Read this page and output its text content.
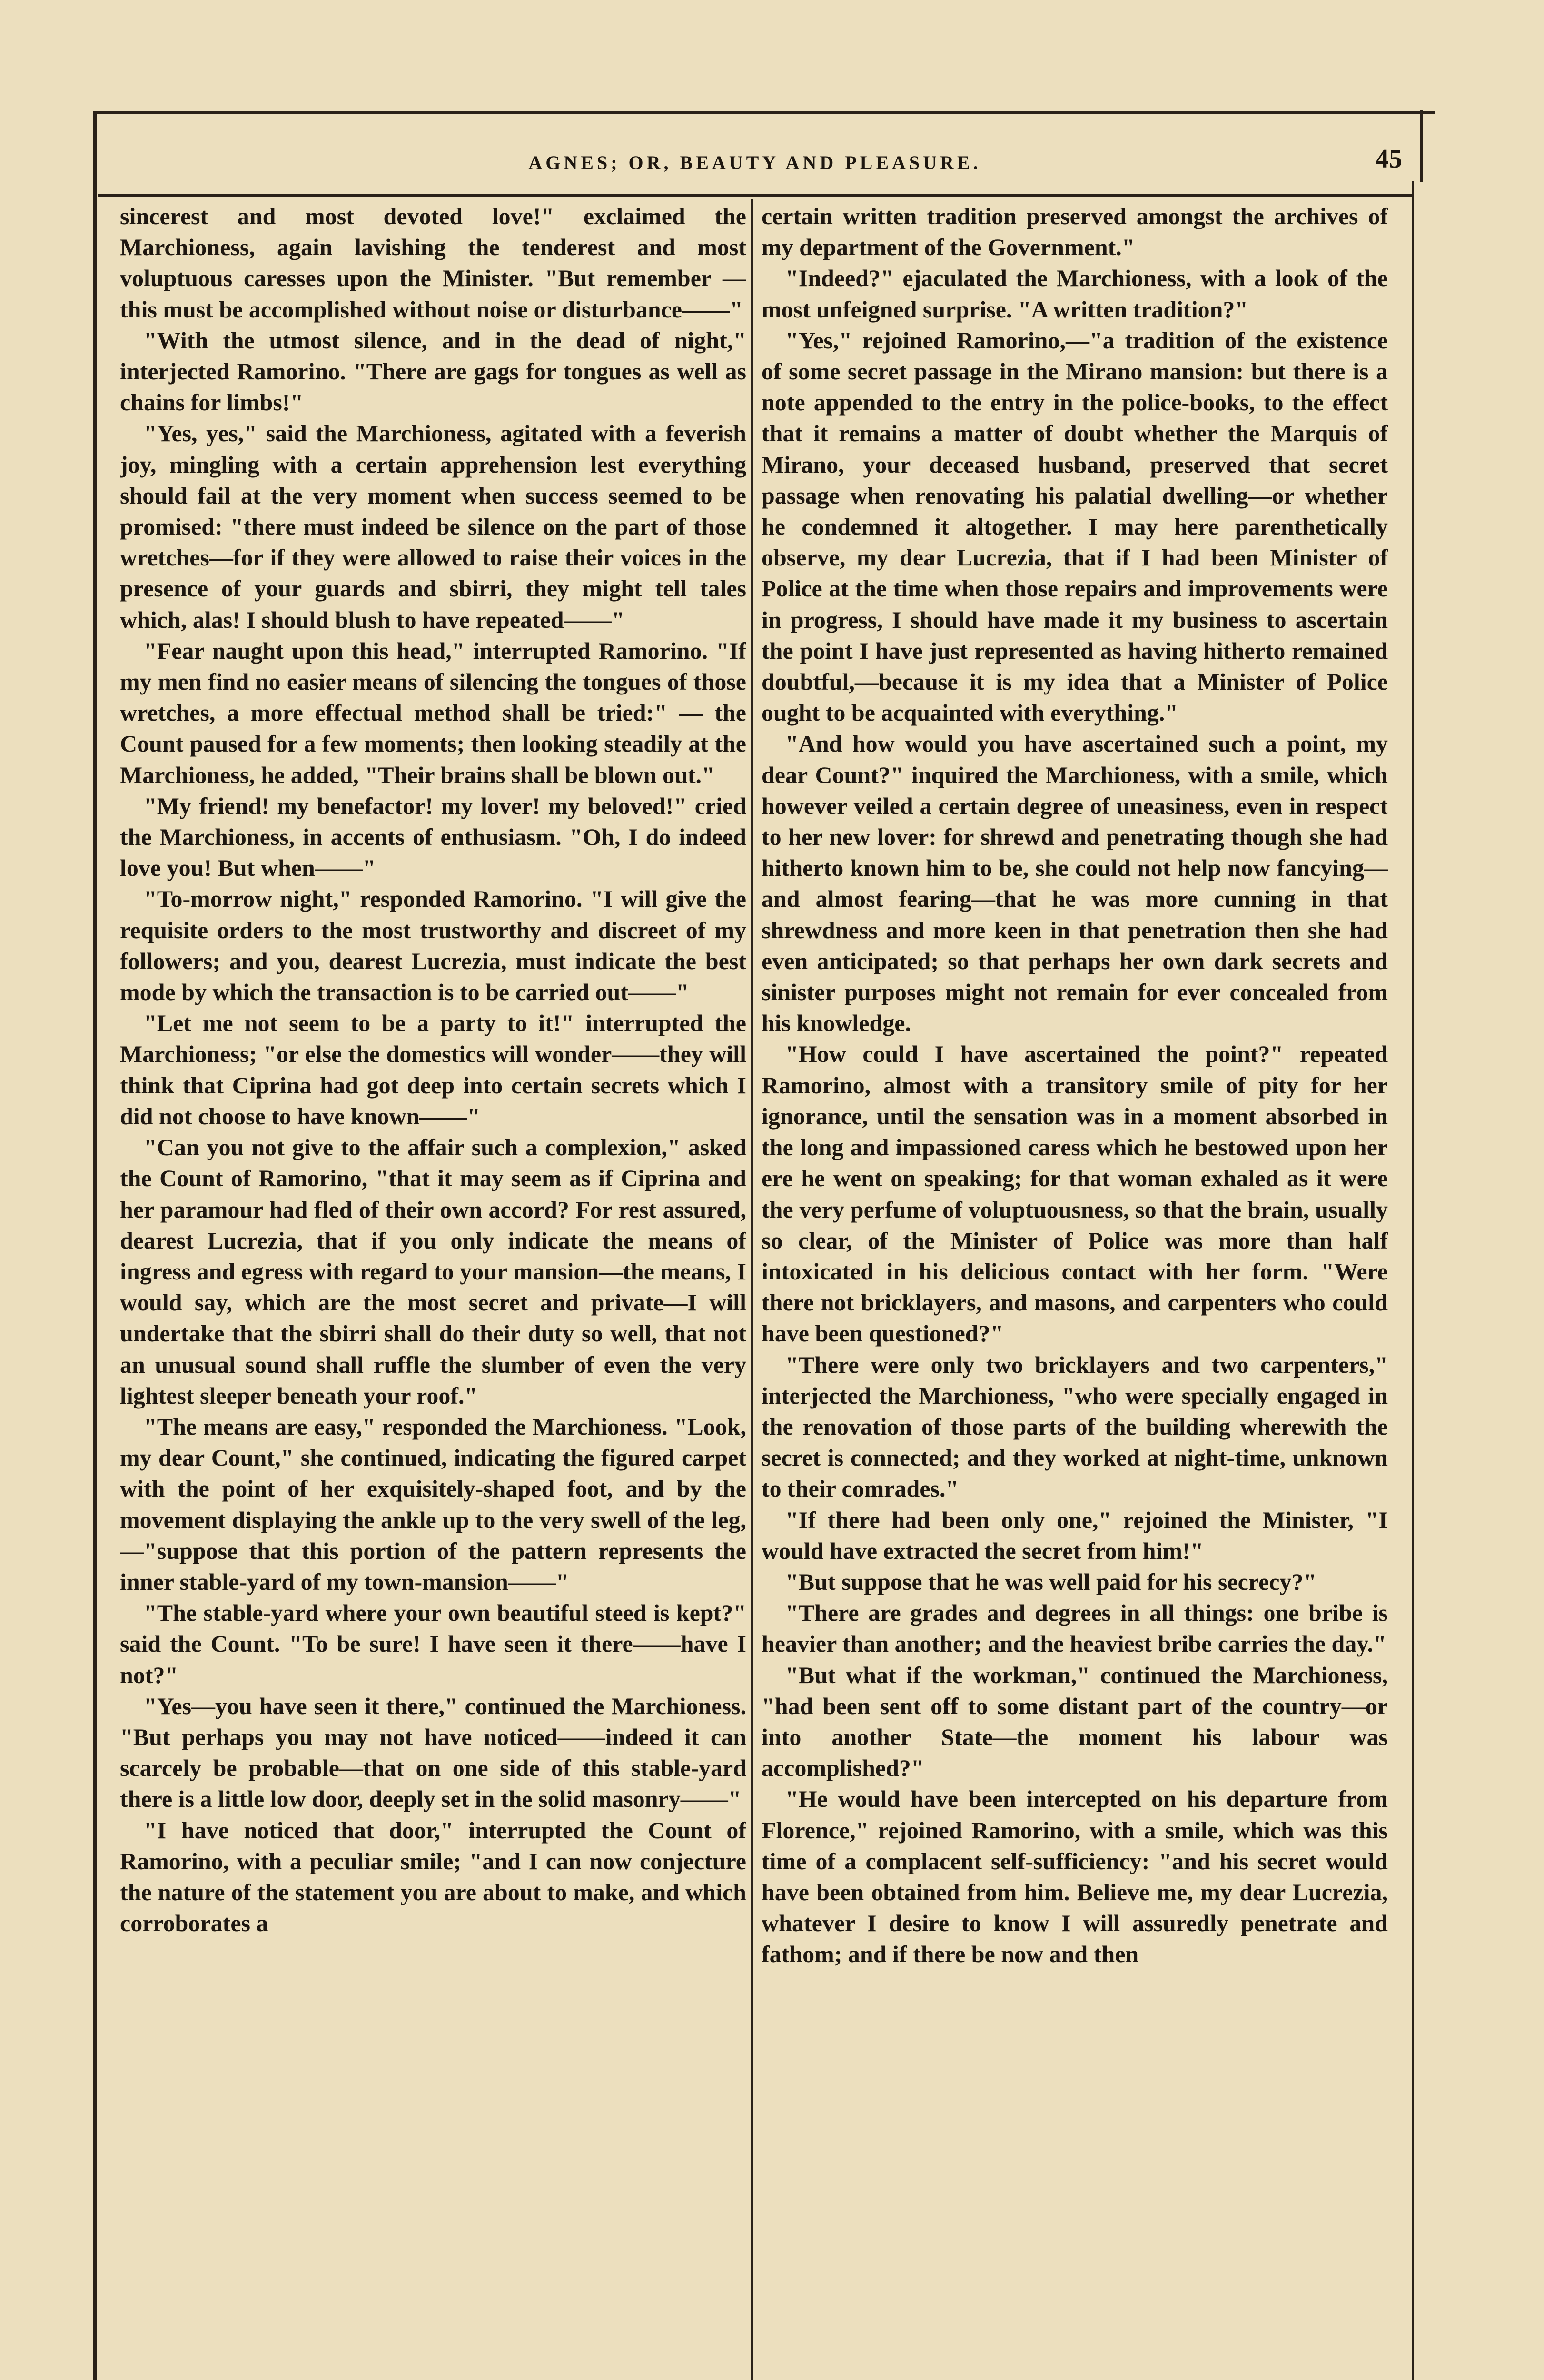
AGNES; OR, BEAUTY AND PLEASURE.	45

sincerest and most devoted love!" exclaimed the Marchioness, again lavishing the tenderest and most voluptuous caresses upon the Minister. "But remember — this must be accomplished without noise or disturbance——"

"With the utmost silence, and in the dead of night," interjected Ramorino. "There are gags for tongues as well as chains for limbs!"

"Yes, yes," said the Marchioness, agitated with a feverish joy, mingling with a certain apprehension lest everything should fail at the very moment when success seemed to be promised: "there must indeed be silence on the part of those wretches—for if they were allowed to raise their voices in the presence of your guards and sbirri, they might tell tales which, alas! I should blush to have repeated——"

"Fear naught upon this head," interrupted Ramorino. "If my men find no easier means of silencing the tongues of those wretches, a more effectual method shall be tried:" — the Count paused for a few moments; then looking steadily at the Marchioness, he added, "Their brains shall be blown out."

"My friend! my benefactor! my lover! my beloved!" cried the Marchioness, in accents of enthusiasm. "Oh, I do indeed love you! But when——"

"To-morrow night," responded Ramorino. "I will give the requisite orders to the most trustworthy and discreet of my followers; and you, dearest Lucrezia, must indicate the best mode by which the transaction is to be carried out——"

"Let me not seem to be a party to it!" interrupted the Marchioness; "or else the domestics will wonder——they will think that Ciprina had got deep into certain secrets which I did not choose to have known——"

"Can you not give to the affair such a complexion," asked the Count of Ramorino, "that it may seem as if Ciprina and her paramour had fled of their own accord? For rest assured, dearest Lucrezia, that if you only indicate the means of ingress and egress with regard to your mansion—the means, I would say, which are the most secret and private—I will undertake that the sbirri shall do their duty so well, that not an unusual sound shall ruffle the slumber of even the very lightest sleeper beneath your roof."

"The means are easy," responded the Marchioness. "Look, my dear Count," she continued, indicating the figured carpet with the point of her exquisitely-shaped foot, and by the movement displaying the ankle up to the very swell of the leg, —"suppose that this portion of the pattern represents the inner stable-yard of my town-mansion——"

"The stable-yard where your own beautiful steed is kept?" said the Count. "To be sure! I have seen it there——have I not?"

"Yes—you have seen it there," continued the Marchioness. "But perhaps you may not have noticed——indeed it can scarcely be probable—that on one side of this stable-yard there is a little low door, deeply set in the solid masonry——"

"I have noticed that door," interrupted the Count of Ramorino, with a peculiar smile; "and I can now conjecture the nature of the statement you are about to make, and which corroborates a

certain written tradition preserved amongst the archives of my department of the Government."

"Indeed?" ejaculated the Marchioness, with a look of the most unfeigned surprise. "A written tradition?"

"Yes," rejoined Ramorino,—"a tradition of the existence of some secret passage in the Mirano mansion: but there is a note appended to the entry in the police-books, to the effect that it remains a matter of doubt whether the Marquis of Mirano, your deceased husband, preserved that secret passage when renovating his palatial dwelling—or whether he condemned it altogether. I may here parenthetically observe, my dear Lucrezia, that if I had been Minister of Police at the time when those repairs and improvements were in progress, I should have made it my business to ascertain the point I have just represented as having hitherto remained doubtful,—because it is my idea that a Minister of Police ought to be acquainted with everything."

"And how would you have ascertained such a point, my dear Count?" inquired the Marchioness, with a smile, which however veiled a certain degree of uneasiness, even in respect to her new lover: for shrewd and penetrating though she had hitherto known him to be, she could not help now fancying—and almost fearing—that he was more cunning in that shrewdness and more keen in that penetration then she had even anticipated; so that perhaps her own dark secrets and sinister purposes might not remain for ever concealed from his knowledge.

"How could I have ascertained the point?" repeated Ramorino, almost with a transitory smile of pity for her ignorance, until the sensation was in a moment absorbed in the long and impassioned caress which he bestowed upon her ere he went on speaking; for that woman exhaled as it were the very perfume of voluptuousness, so that the brain, usually so clear, of the Minister of Police was more than half intoxicated in his delicious contact with her form. "Were there not bricklayers, and masons, and carpenters who could have been questioned?"

"There were only two bricklayers and two carpenters," interjected the Marchioness, "who were specially engaged in the renovation of those parts of the building wherewith the secret is connected; and they worked at night-time, unknown to their comrades."

"If there had been only one," rejoined the Minister, "I would have extracted the secret from him!"

"But suppose that he was well paid for his secrecy?"

"There are grades and degrees in all things: one bribe is heavier than another; and the heaviest bribe carries the day."

"But what if the workman," continued the Marchioness, "had been sent off to some distant part of the country—or into another State—the moment his labour was accomplished?"

"He would have been intercepted on his departure from Florence," rejoined Ramorino, with a smile, which was this time of a complacent self-sufficiency: "and his secret would have been obtained from him. Believe me, my dear Lucrezia, whatever I desire to know I will assuredly penetrate and fathom; and if there be now and then
